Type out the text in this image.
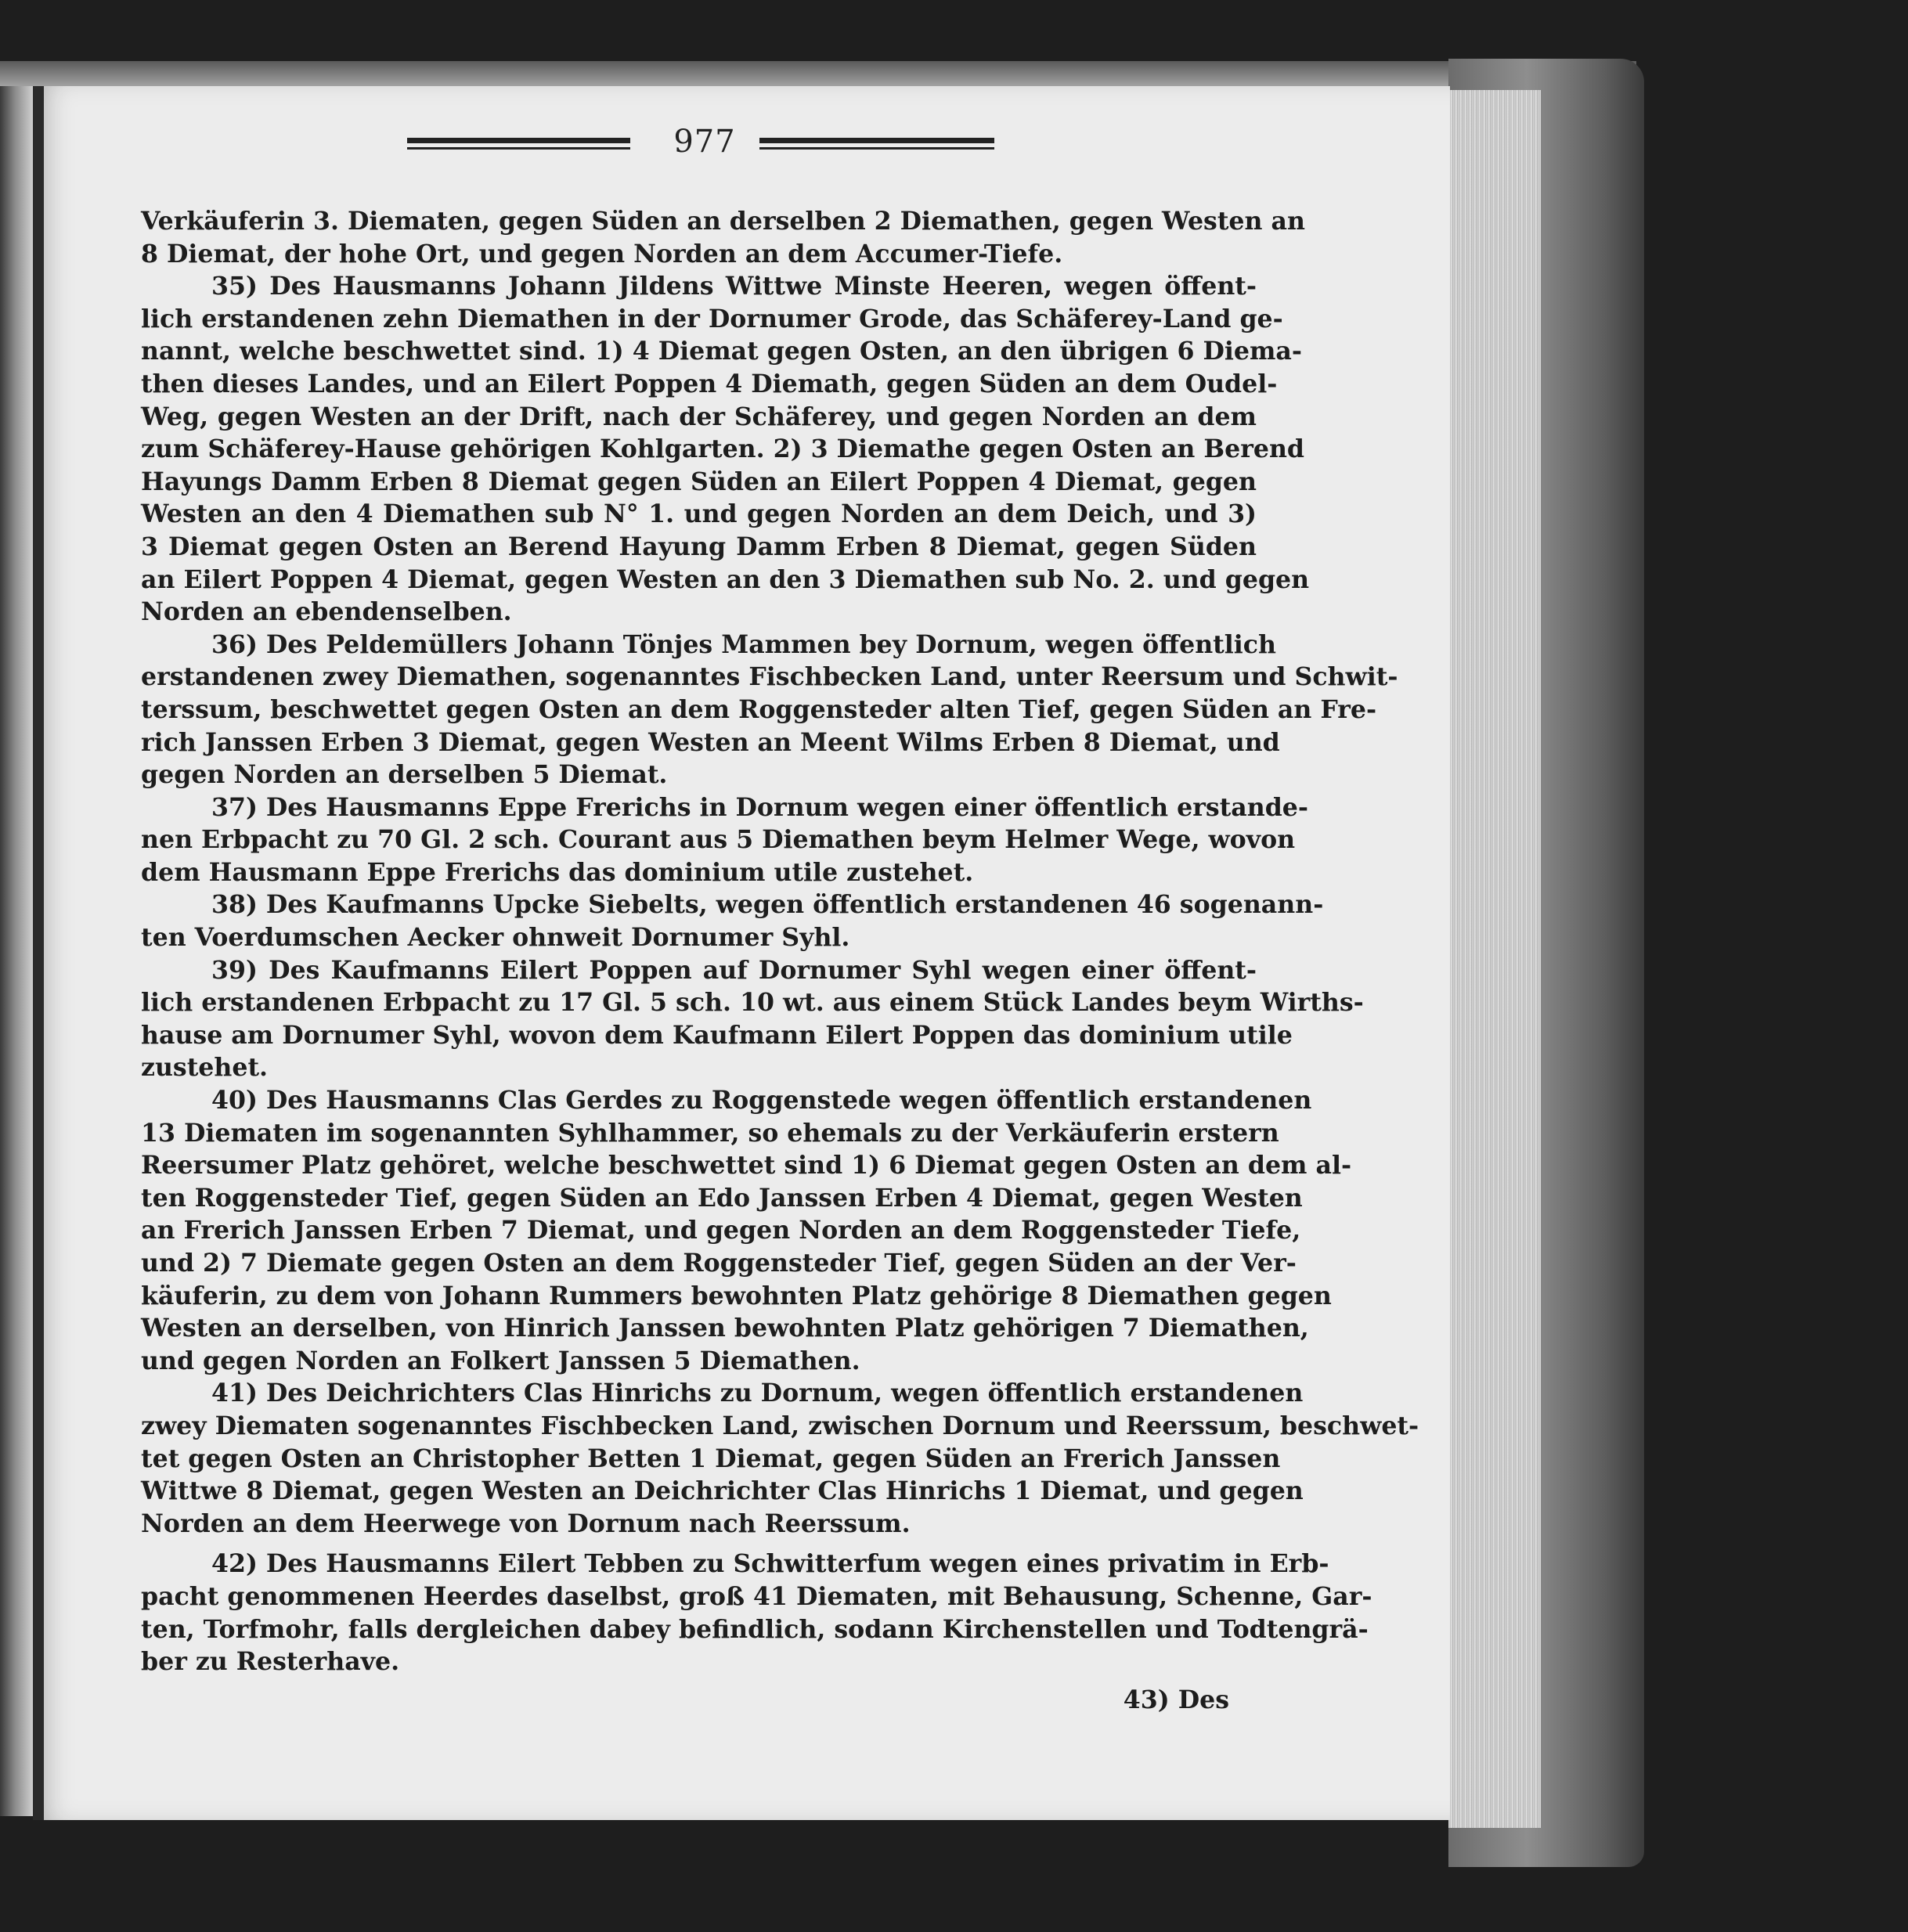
977
Verkäuferin 3. Diematen, gegen Süden an derselben 2 Diemathen, gegen Westen an
8 Diemat, der hohe Ort, und gegen Norden an dem Accumer-Tiefe.
35) Des Hausmanns Johann Jildens Wittwe Minste Heeren, wegen öffent-
lich erstandenen zehn Diemathen in der Dornumer Grode, das Schäferey-Land ge-
nannt, welche beschwettet sind. 1) 4 Diemat gegen Osten, an den übrigen 6 Diema-
then dieses Landes, und an Eilert Poppen 4 Diemath, gegen Süden an dem Oudel-
Weg, gegen Westen an der Drift, nach der Schäferey, und gegen Norden an dem
zum Schäferey-Hause gehörigen Kohlgarten. 2) 3 Diemathe gegen Osten an Berend
Hayungs Damm Erben 8 Diemat gegen Süden an Eilert Poppen 4 Diemat, gegen
Westen an den 4 Diemathen sub N° 1. und gegen Norden an dem Deich, und 3)
3 Diemat gegen Osten an Berend Hayung Damm Erben 8 Diemat, gegen Süden
an Eilert Poppen 4 Diemat, gegen Westen an den 3 Diemathen sub No. 2. und gegen
Norden an ebendenselben.
36) Des Peldemüllers Johann Tönjes Mammen bey Dornum, wegen öffentlich
erstandenen zwey Diemathen, sogenanntes Fischbecken Land, unter Reersum und Schwit-
terssum, beschwettet gegen Osten an dem Roggensteder alten Tief, gegen Süden an Fre-
rich Janssen Erben 3 Diemat, gegen Westen an Meent Wilms Erben 8 Diemat, und
gegen Norden an derselben 5 Diemat.
37) Des Hausmanns Eppe Frerichs in Dornum wegen einer öffentlich erstande-
nen Erbpacht zu 70 Gl. 2 sch. Courant aus 5 Diemathen beym Helmer Wege, wovon
dem Hausmann Eppe Frerichs das dominium utile zustehet.
38) Des Kaufmanns Upcke Siebelts, wegen öffentlich erstandenen 46 sogenann-
ten Voerdumschen Aecker ohnweit Dornumer Syhl.
39) Des Kaufmanns Eilert Poppen auf Dornumer Syhl wegen einer öffent-
lich erstandenen Erbpacht zu 17 Gl. 5 sch. 10 wt. aus einem Stück Landes beym Wirths-
hause am Dornumer Syhl, wovon dem Kaufmann Eilert Poppen das dominium utile
zustehet.
40) Des Hausmanns Clas Gerdes zu Roggenstede wegen öffentlich erstandenen
13 Diematen im sogenannten Syhlhammer, so ehemals zu der Verkäuferin erstern
Reersumer Platz gehöret, welche beschwettet sind 1) 6 Diemat gegen Osten an dem al-
ten Roggensteder Tief, gegen Süden an Edo Janssen Erben 4 Diemat, gegen Westen
an Frerich Janssen Erben 7 Diemat, und gegen Norden an dem Roggensteder Tiefe,
und 2) 7 Diemate gegen Osten an dem Roggensteder Tief, gegen Süden an der Ver-
käuferin, zu dem von Johann Rummers bewohnten Platz gehörige 8 Diemathen gegen
Westen an derselben, von Hinrich Janssen bewohnten Platz gehörigen 7 Diemathen,
und gegen Norden an Folkert Janssen 5 Diemathen.
41) Des Deichrichters Clas Hinrichs zu Dornum, wegen öffentlich erstandenen
zwey Diematen sogenanntes Fischbecken Land, zwischen Dornum und Reerssum, beschwet-
tet gegen Osten an Christopher Betten 1 Diemat, gegen Süden an Frerich Janssen
Wittwe 8 Diemat, gegen Westen an Deichrichter Clas Hinrichs 1 Diemat, und gegen
Norden an dem Heerwege von Dornum nach Reerssum.
42) Des Hausmanns Eilert Tebben zu Schwitterfum wegen eines privatim in Erb-
pacht genommenen Heerdes daselbst, groß 41 Diematen, mit Behausung, Schenne, Gar-
ten, Torfmohr, falls dergleichen dabey befindlich, sodann Kirchenstellen und Todtengrä-
ber zu Resterhave.
43) Des
